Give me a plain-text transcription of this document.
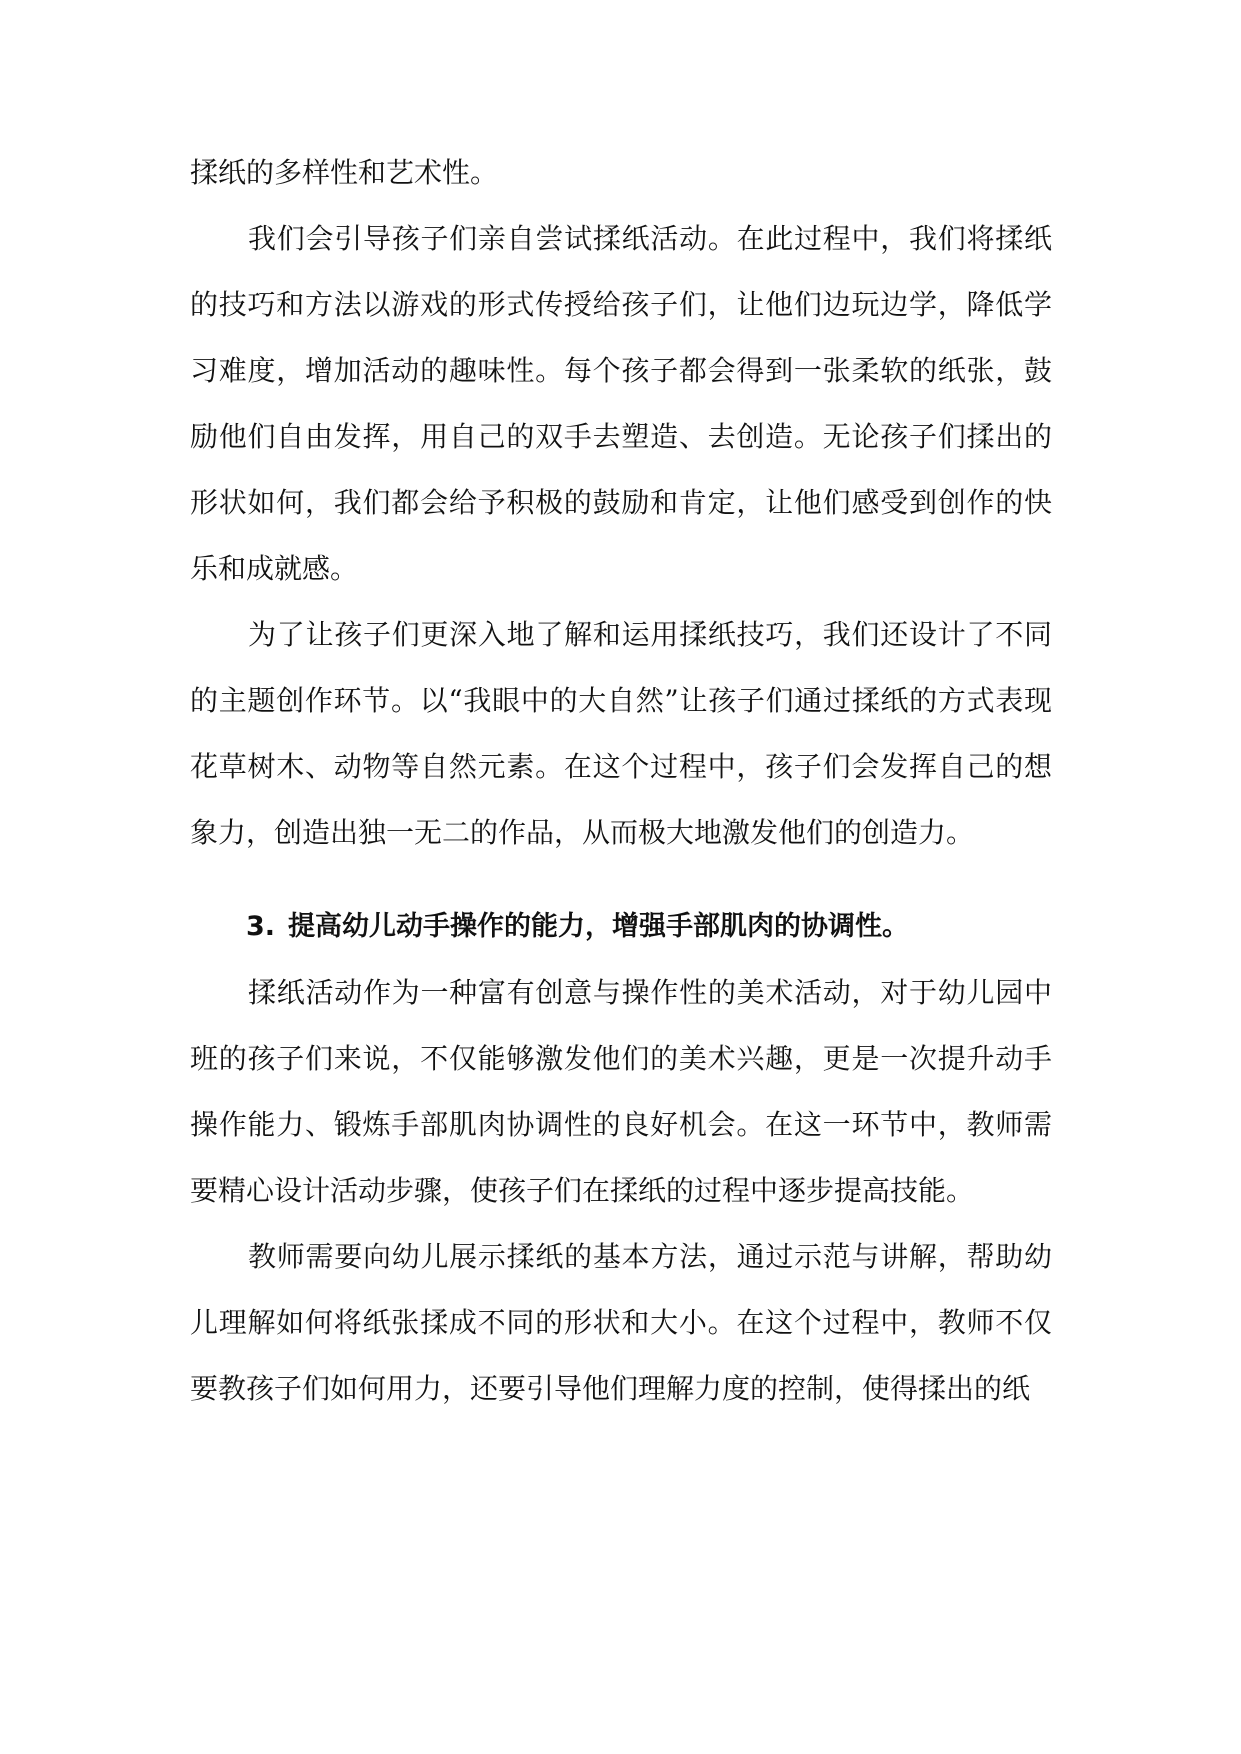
揉纸的多样性和艺术性。

我们会引导孩子们亲自尝试揉纸活动。在此过程中，我们将揉纸的技巧和方法以游戏的形式传授给孩子们，让他们边玩边学，降低学习难度，增加活动的趣味性。每个孩子都会得到一张柔软的纸张，鼓励他们自由发挥，用自己的双手去塑造、去创造。无论孩子们揉出的形状如何，我们都会给予积极的鼓励和肯定，让他们感受到创作的快乐和成就感。

为了让孩子们更深入地了解和运用揉纸技巧，我们还设计了不同的主题创作环节。以“我眼中的大自然”让孩子们通过揉纸的方式表现花草树木、动物等自然元素。在这个过程中，孩子们会发挥自己的想象力，创造出独一无二的作品，从而极大地激发他们的创造力。

3. 提高幼儿动手操作的能力，增强手部肌肉的协调性。

揉纸活动作为一种富有创意与操作性的美术活动，对于幼儿园中班的孩子们来说，不仅能够激发他们的美术兴趣，更是一次提升动手操作能力、锻炼手部肌肉协调性的良好机会。在这一环节中，教师需要精心设计活动步骤，使孩子们在揉纸的过程中逐步提高技能。

教师需要向幼儿展示揉纸的基本方法，通过示范与讲解，帮助幼儿理解如何将纸张揉成不同的形状和大小。在这个过程中，教师不仅要教孩子们如何用力，还要引导他们理解力度的控制，使得揉出的纸
